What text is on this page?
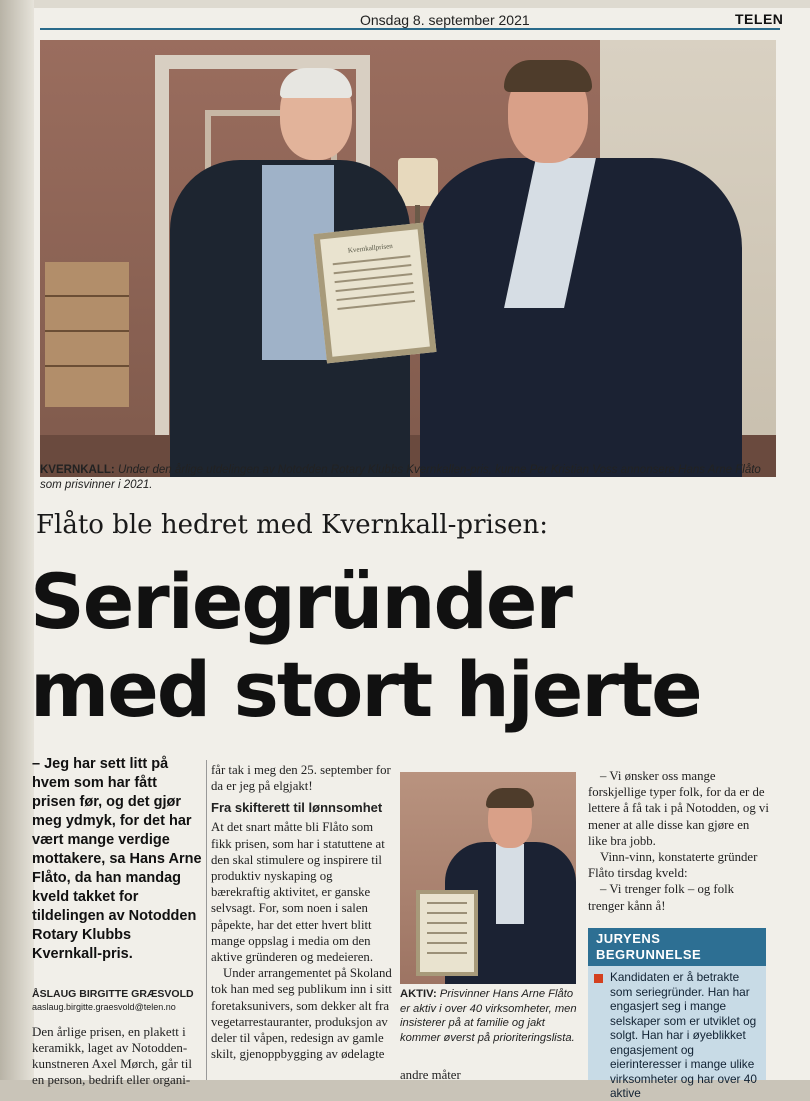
Onsdag 8. september 2021	TELEN
Kvernkallprisen
KVERNKALL: Under den årlige utdelingen av Notodden Rotary Klubbs Kvernkallen-pris, kunne Per Kristian Voss annonsere Hans Arne Flåto som prisvinner i 2021.
Flåto ble hedret med Kvernkall-prisen:
Seriegründer
med stort hjerte
– Jeg har sett litt på hvem som har fått prisen før, og det gjør meg ydmyk, for det har vært mange verdige mottakere, sa Hans Arne Flåto, da han mandag kveld takket for tildelingen av Notodden Rotary Klubbs Kvernkall-pris.
ÅSLAUG BIRGITTE GRÆSVOLD
aaslaug.birgitte.graesvold@telen.no
Den årlige prisen, en plakett i keramikk, laget av Notodden-kunstneren Axel Mørch, går til en person, bedrift eller organi-

får tak i meg den 25. september for da er jeg på elgjakt!

Fra skifterett til lønnsomhet

At det snart måtte bli Flåto som fikk prisen, som har i statuttene at den skal stimulere og inspirere til produktiv nyskaping og bærekraftig aktivitet, er ganske selvsagt. For, som noen i salen påpekte, har det etter hvert blitt mange oppslag i media om den aktive gründeren og medeieren.

Under arrangementet på Skoland tok han med seg publikum inn i sitt foretaksunivers, som dekker alt fra vegetarrestauranter, produksjon av deler til våpen, redesign av gamle skilt, gjenoppbygging av ødelagte

AKTIV: Prisvinner Hans Arne Flåto er aktiv i over 40 virksomheter, men insisterer på at familie og jakt kommer øverst på prioriteringslista.
andre måter

– Vi ønsker oss mange forskjellige typer folk, for da er de lettere å få tak i på Notodden, og vi mener at alle disse kan gjøre en like bra jobb.

Vinn-vinn, konstaterte gründer Flåto tirsdag kveld:

– Vi trenger folk – og folk trenger kånn å!

JURYENS BEGRUNNELSE
Kandidaten er å betrakte som seriegründer. Han har engasjert seg i mange selskaper som er utviklet og solgt. Han har i øyeblikket engasjement og eierinteresser i mange ulike virksomheter og har over 40 aktive
